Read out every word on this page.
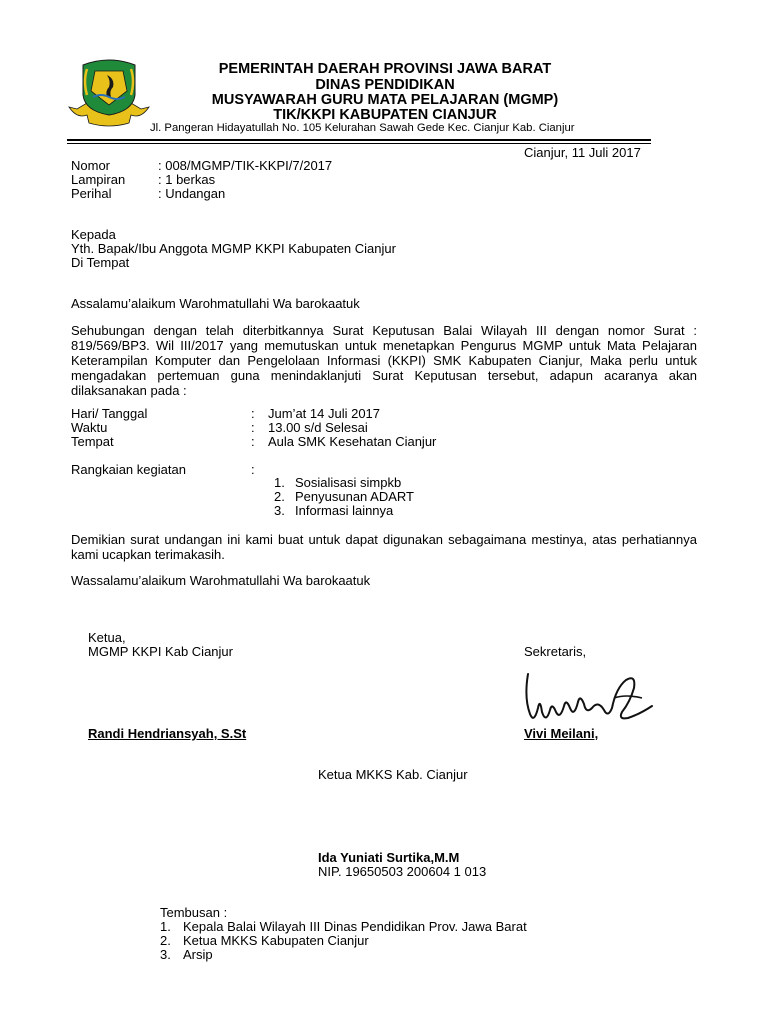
PEMERINTAH DAERAH PROVINSI JAWA BARAT
DINAS PENDIDIKAN
MUSYAWARAH GURU MATA PELAJARAN (MGMP)
TIK/KKPI KABUPATEN CIANJUR
Jl. Pangeran Hidayatullah No. 105 Kelurahan Sawah Gede Kec. Cianjur Kab. Cianjur
Cianjur, 11 Juli 2017
Nomor	: 008/MGMP/TIK-KKPI/7/2017
Lampiran	: 1 berkas
Perihal	: Undangan
Kepada
Yth. Bapak/Ibu Anggota MGMP KKPI Kabupaten Cianjur
Di Tempat
Assalamu’alaikum Warohmatullahi Wa barokaatuk
Sehubungan dengan telah diterbitkannya Surat Keputusan Balai Wilayah III dengan nomor Surat : 819/569/BP3. Wil III/2017 yang memutuskan untuk menetapkan Pengurus MGMP untuk Mata Pelajaran Keterampilan Komputer dan Pengelolaan Informasi (KKPI) SMK Kabupaten Cianjur, Maka perlu untuk mengadakan pertemuan guna menindaklanjuti Surat Keputusan tersebut, adapun acaranya akan dilaksanakan pada :
Hari/ Tanggal	: Jum’at 14 Juli 2017
Waktu	: 13.00 s/d Selesai
Tempat	: Aula SMK Kesehatan Cianjur
Rangkaian kegiatan	:
1. Sosialisasi simpkb
2. Penyusunan ADART
3. Informasi lainnya
Demikian surat undangan ini kami buat untuk dapat digunakan sebagaimana mestinya, atas perhatiannya kami ucapkan terimakasih.
Wassalamu’alaikum Warohmatullahi Wa barokaatuk
Ketua,
MGMP KKPI Kab Cianjur	Sekretaris,
Randi Hendriansyah, S.St	Vivi Meilani,
Ketua MKKS Kab. Cianjur
Ida Yuniati Surtika,M.M
NIP. 19650503 200604 1 013
Tembusan :
1. Kepala Balai Wilayah III Dinas Pendidikan Prov. Jawa Barat
2. Ketua MKKS Kabupaten Cianjur
3. Arsip
